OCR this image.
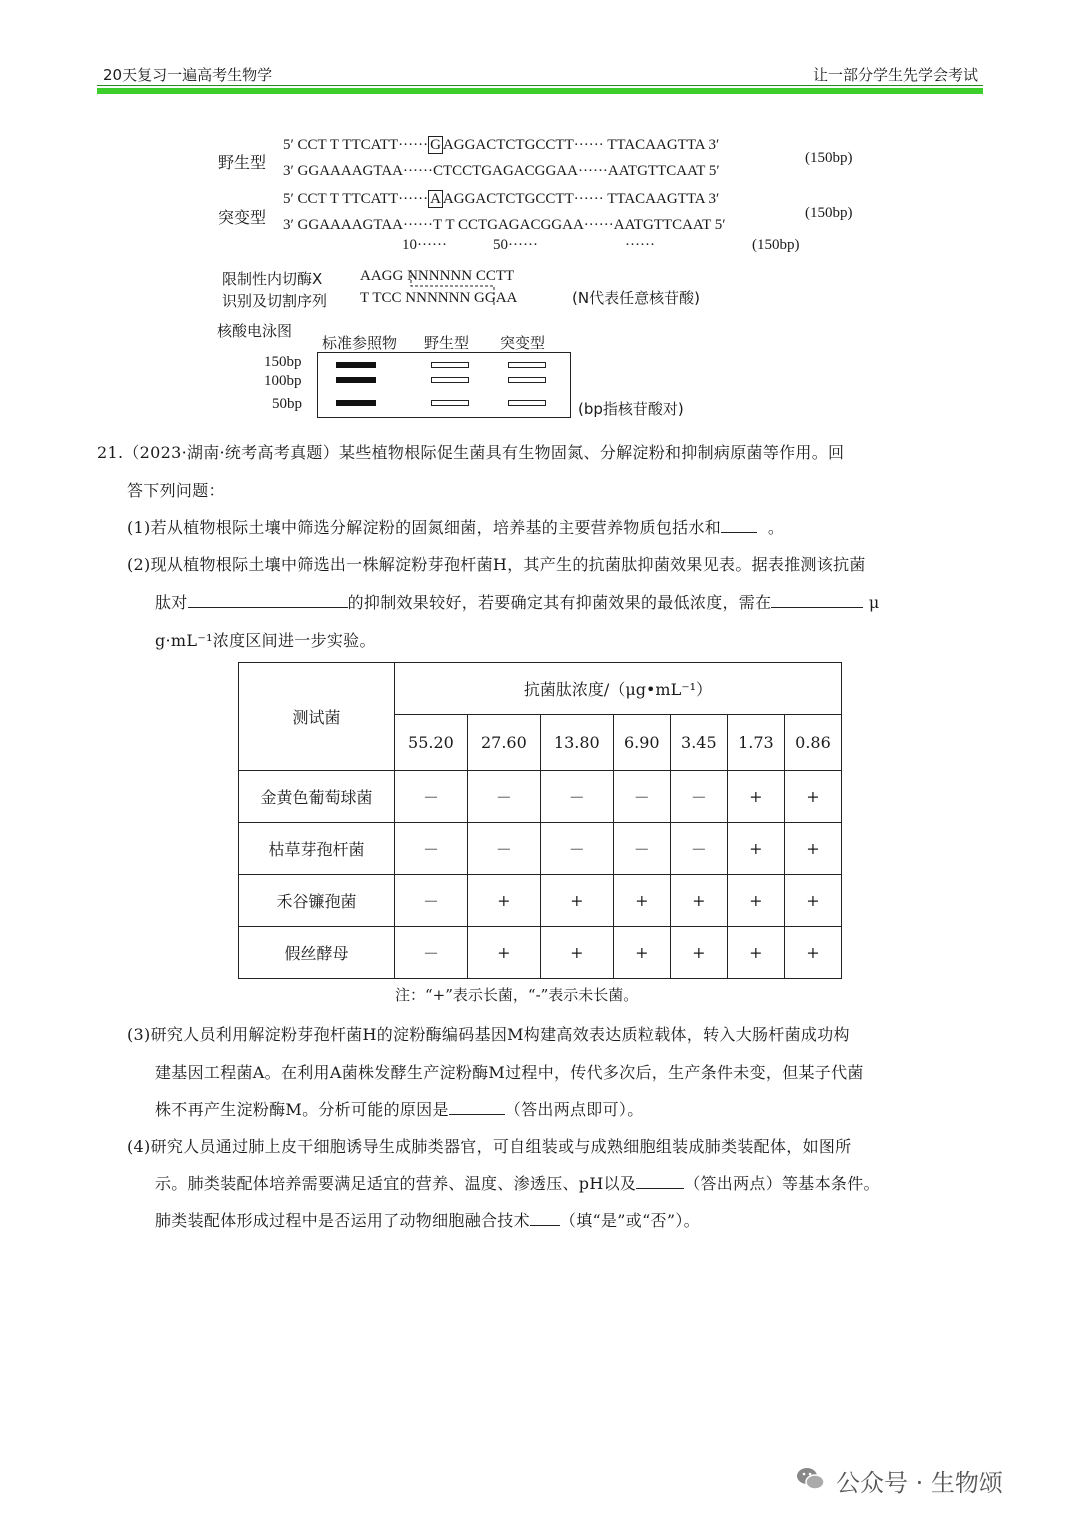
20天复习一遍高考生物学	让一部分学生先学会考试
野生型
5′ CCT T TTCATT······ G AGGACTCTGCCTT······ TTACAAGTTA 3′
3′ GGAAAAGTAA······CTCCTGAGACGGAA······AATGTTCAAT 5′
(150bp)
突变型
5′ CCT T TTCATT······ A AGGACTCTGCCTT······ TTACAAGTTA 3′
3′ GGAAAAGTAA······T T CCTGAGACGGAA······AATGTTCAAT 5′
(150bp)
10······	50······	······	(150bp)
限制性内切酶X
识别及切割序列
AAGG NNNNNN CCTT
T TCC NNNNNN GGAA	(N代表任意核苷酸)
核酸电泳图
标准参照物 野生型 突变型
150bp
100bp
50bp	(bp指核苷酸对)
21.（2023·湖南·统考高考真题）某些植物根际促生菌具有生物固氮、分解淀粉和抑制病原菌等作用。回
答下列问题：
(1)若从植物根际土壤中筛选分解淀粉的固氮细菌，培养基的主要营养物质包括水和	。
(2)现从植物根际土壤中筛选出一株解淀粉芽孢杆菌H，其产生的抗菌肽抑菌效果见表。据表推测该抗菌
肽对	的抑制效果较好，若要确定其有抑菌效果的最低浓度，需在	μ
g·mL⁻¹浓度区间进一步实验。
测试菌	抗菌肽浓度/（μg•mL⁻¹）						
	55.20	27.60	13.80	6.90	3.45	1.73	0.86
金黄色葡萄球菌	－	－	－	－	－	+	+
枯草芽孢杆菌	－	－	－	－	－	+	+
禾谷镰孢菌	－	+	+	+	+	+	+
假丝酵母	－	+	+	+	+	+	+
注：“+”表示长菌，“-”表示未长菌。
(3)研究人员利用解淀粉芽孢杆菌H的淀粉酶编码基因M构建高效表达质粒载体，转入大肠杆菌成功构
建基因工程菌A。在利用A菌株发酵生产淀粉酶M过程中，传代多次后，生产条件未变，但某子代菌
株不再产生淀粉酶M。分析可能的原因是	（答出两点即可）。
(4)研究人员通过肺上皮干细胞诱导生成肺类器官，可自组装或与成熟细胞组装成肺类装配体，如图所
示。肺类装配体培养需要满足适宜的营养、温度、渗透压、pH以及	（答出两点）等基本条件。
肺类装配体形成过程中是否运用了动物细胞融合技术 （填“是”或“否”）。
公众号 · 生物颂
